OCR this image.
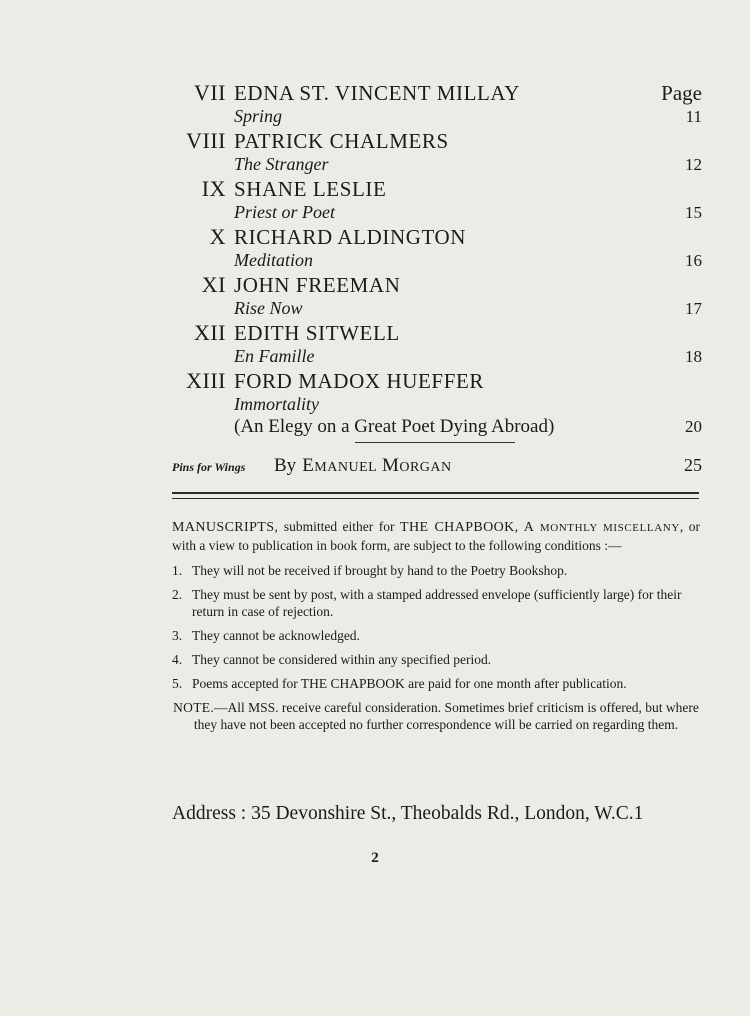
VII EDNA ST. VINCENT MILLAY	Page
Spring	11
VIII PATRICK CHALMERS
The Stranger	12
IX SHANE LESLIE
Priest or Poet	15
X RICHARD ALDINGTON
Meditation	16
XI JOHN FREEMAN
Rise Now	17
XII EDITH SITWELL
En Famille	18
XIII FORD MADOX HUEFFER
Immortality
(An Elegy on a Great Poet Dying Abroad)	20
Pins for Wings	By EMANUEL MORGAN	25

MANUSCRIPTS, submitted either for THE CHAPBOOK, A MONTHLY MISCELLANY, or with a view to publication in book form, are subject to the following conditions :—

1. They will not be received if brought by hand to the Poetry Bookshop.
2. They must be sent by post, with a stamped addressed envelope (sufficiently large) for their return in case of rejection.
3. They cannot be acknowledged.
4. They cannot be considered within any specified period.
5. Poems accepted for THE CHAPBOOK are paid for one month after publication.

NOTE.—All MSS. receive careful consideration. Sometimes brief criticism is offered, but where they have not been accepted no further correspondence will be carried on regarding them.

Address : 35 Devonshire St., Theobalds Rd., London, W.C.1
2
